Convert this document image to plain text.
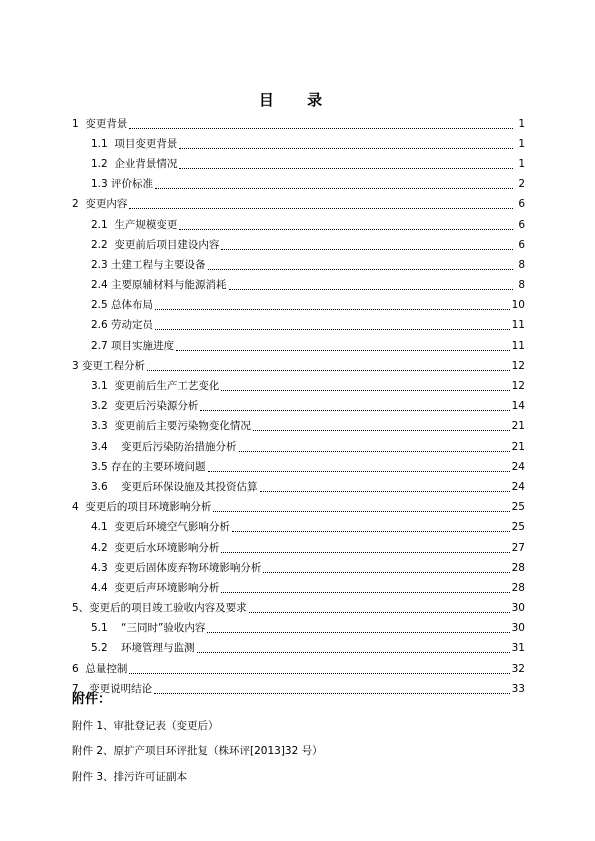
目 录
1  变更背景	1
1.1  项目变更背景	1
1.2  企业背景情况	1
1.3 评价标准	2
2  变更内容	6
2.1  生产规模变更	6
2.2  变更前后项目建设内容	6
2.3 土建工程与主要设备	8
2.4 主要原辅材料与能源消耗	8
2.5 总体布局	10
2.6 劳动定员	11
2.7 项目实施进度	11
3 变更工程分析	12
3.1  变更前后生产工艺变化	12
3.2  变更后污染源分析	14
3.3  变更前后主要污染物变化情况	21
3.4    变更后污染防治措施分析	21
3.5 存在的主要环境问题	24
3.6    变更后环保设施及其投资估算	24
4  变更后的项目环境影响分析	25
4.1  变更后环境空气影响分析	25
4.2  变更后水环境影响分析	27
4.3  变更后固体废弃物环境影响分析	28
4.4  变更后声环境影响分析	28
5、变更后的项目竣工验收内容及要求	30
5.1    “三同时”验收内容	30
5.2    环境管理与监测	31
6  总量控制	32
7、变更说明结论	33
附件：
附件 1、审批登记表（变更后）
附件 2、原扩产项目环评批复（株环评[2013]32 号）
附件 3、排污许可证副本
